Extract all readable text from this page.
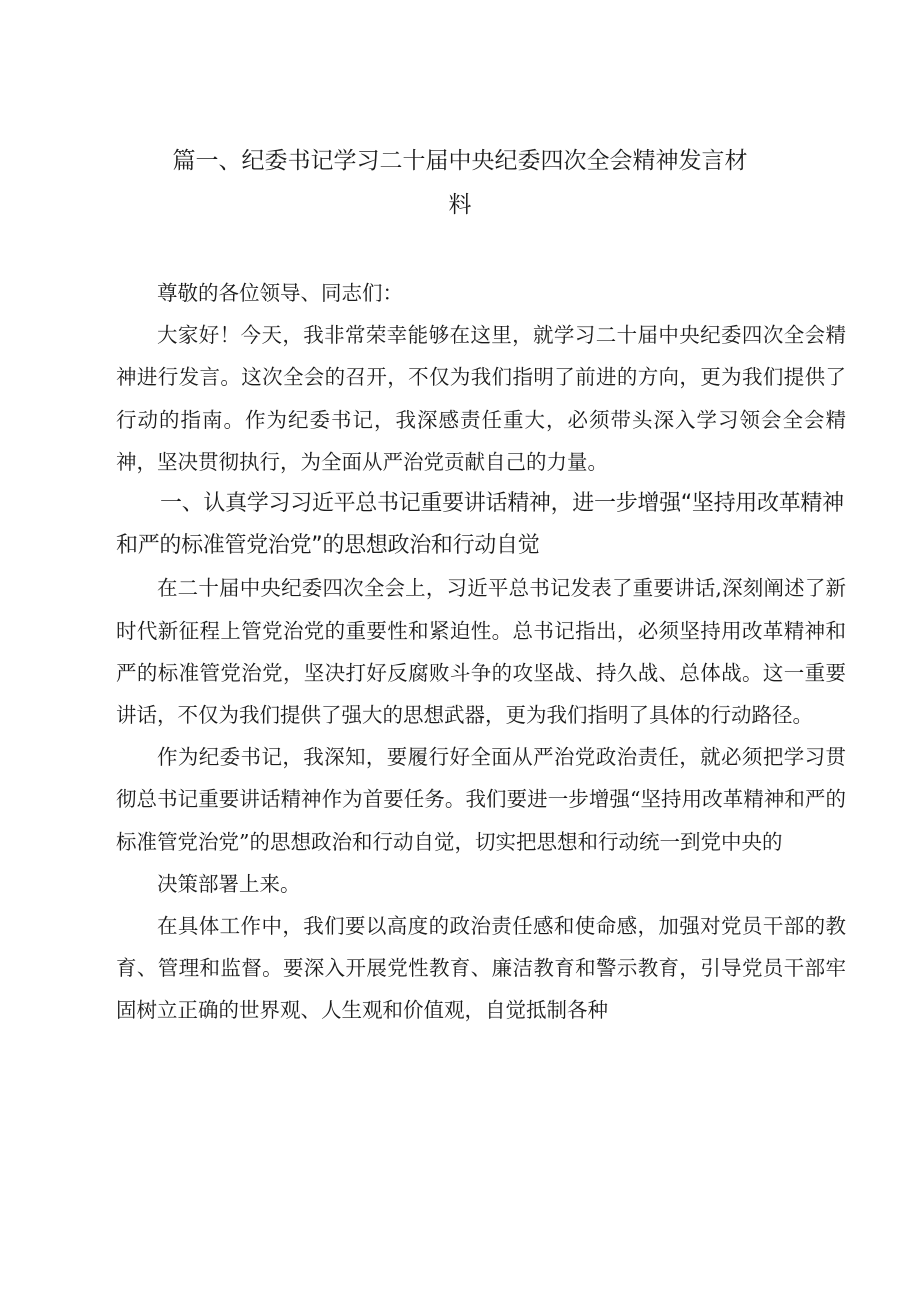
篇一、纪委书记学习二十届中央纪委四次全会精神发言材
料

尊敬的各位领导、同志们：

大家好！今天，我非常荣幸能够在这里，就学习二十届中央纪委四次全会精神进行发言。这次全会的召开，不仅为我们指明了前进的方向，更为我们提供了行动的指南。作为纪委书记，我深感责任重大，必须带头深入学习领会全会精神，坚决贯彻执行，为全面从严治党贡献自己的力量。

一、认真学习习近平总书记重要讲话精神，进一步增强“坚持用改革精神和严的标准管党治党”的思想政治和行动自觉

在二十届中央纪委四次全会上，习近平总书记发表了重要讲话,深刻阐述了新时代新征程上管党治党的重要性和紧迫性。总书记指出，必须坚持用改革精神和严的标准管党治党，坚决打好反腐败斗争的攻坚战、持久战、总体战。这一重要讲话，不仅为我们提供了强大的思想武器，更为我们指明了具体的行动路径。

作为纪委书记，我深知，要履行好全面从严治党政治责任，就必须把学习贯彻总书记重要讲话精神作为首要任务。我们要进一步增强“坚持用改革精神和严的标准管党治党”的思想政治和行动自觉，切实把思想和行动统一到党中央的

决策部署上来。

在具体工作中，我们要以高度的政治责任感和使命感，加强对党员干部的教育、管理和监督。要深入开展党性教育、廉洁教育和警示教育，引导党员干部牢固树立正确的世界观、人生观和价值观，自觉抵制各种
